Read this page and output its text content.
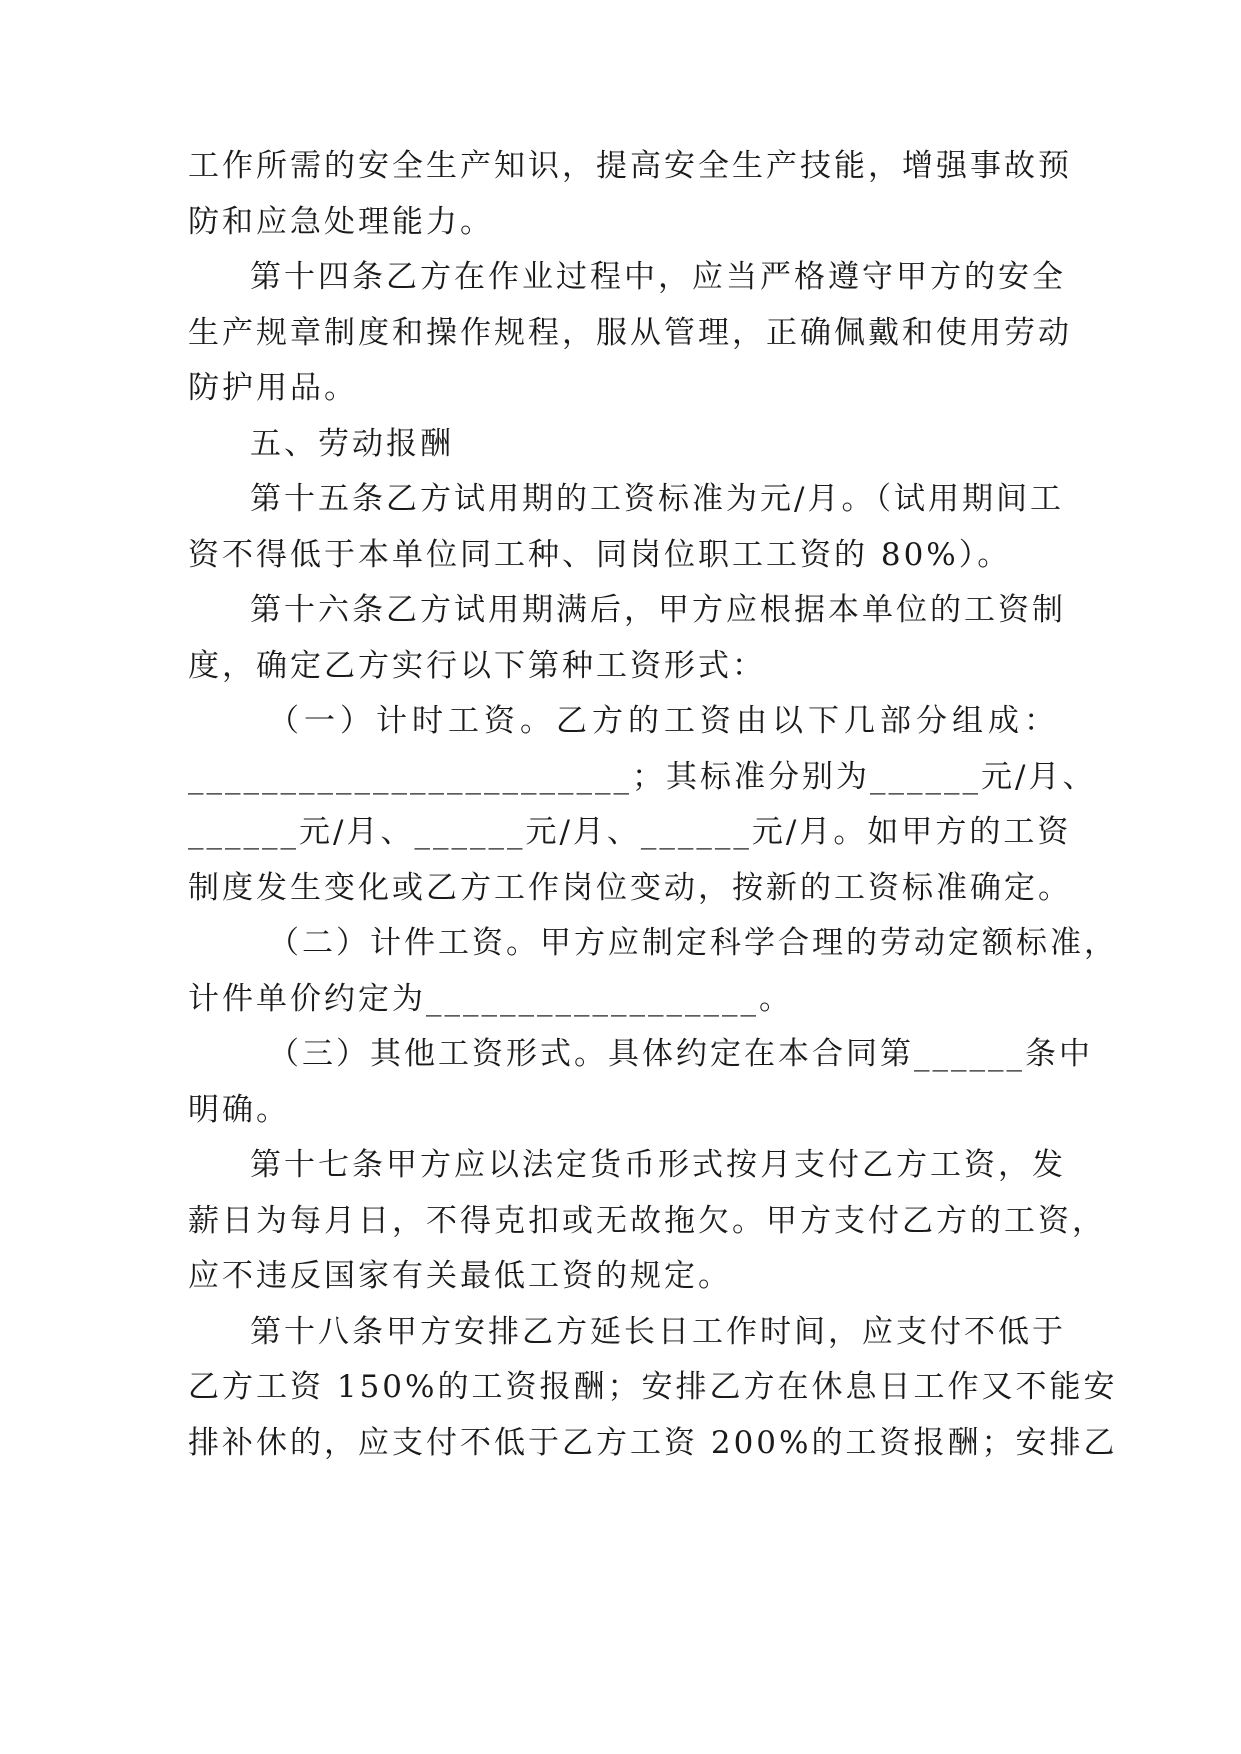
工作所需的安全生产知识，提高安全生产技能，增强事故预
防和应急处理能力。
第十四条乙方在作业过程中，应当严格遵守甲方的安全
生产规章制度和操作规程，服从管理，正确佩戴和使用劳动
防护用品。
五、劳动报酬
第十五条乙方试用期的工资标准为元/月。（试用期间工
资不得低于本单位同工种、同岗位职工工资的 80%）。
第十六条乙方试用期满后，甲方应根据本单位的工资制
度，确定乙方实行以下第种工资形式：
（一）计时工资。乙方的工资由以下几部分组成：
________________________；其标准分别为______元/月、
______元/月、______元/月、______元/月。如甲方的工资
制度发生变化或乙方工作岗位变动，按新的工资标准确定。
（二）计件工资。甲方应制定科学合理的劳动定额标准，
计件单价约定为__________________。
（三）其他工资形式。具体约定在本合同第______条中
明确。
第十七条甲方应以法定货币形式按月支付乙方工资，发
薪日为每月日，不得克扣或无故拖欠。甲方支付乙方的工资，
应不违反国家有关最低工资的规定。
第十八条甲方安排乙方延长日工作时间，应支付不低于
乙方工资 150%的工资报酬；安排乙方在休息日工作又不能安
排补休的，应支付不低于乙方工资 200%的工资报酬；安排乙
